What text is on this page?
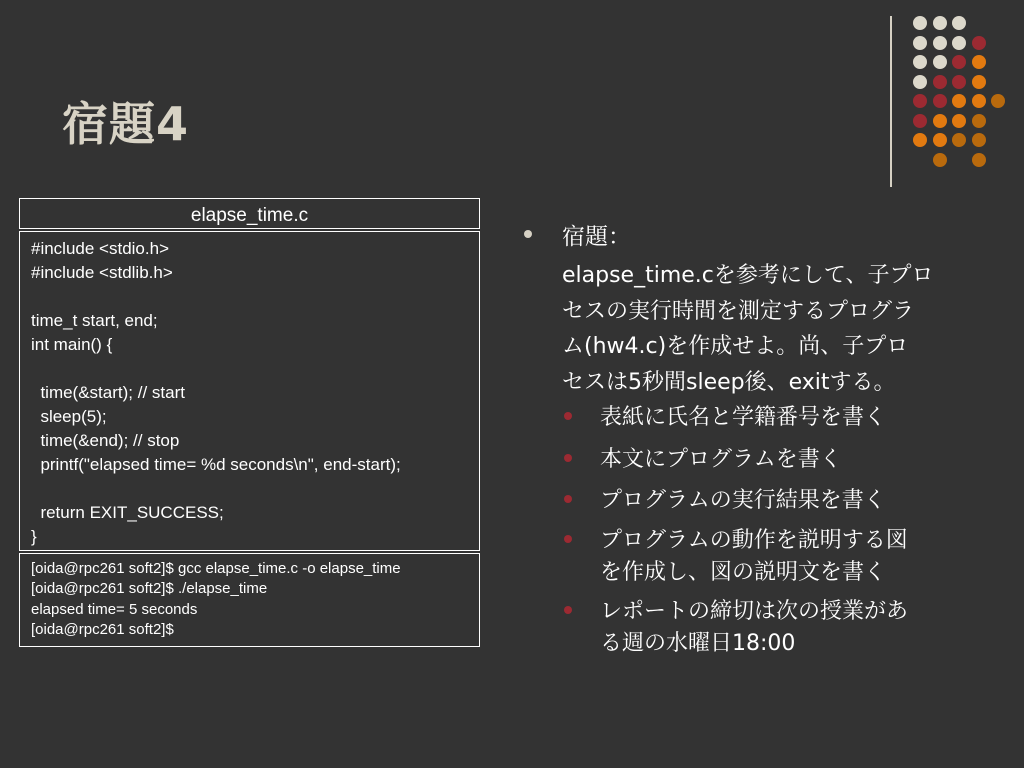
宿題4
elapse_time.c
#include <stdio.h>
#include <stdlib.h>
time_t start, end;
int main() {
time(&start); // start
sleep(5);
time(&end); // stop
printf("elapsed time= %d seconds\n", end-start);
return EXIT_SUCCESS;
}
[oida@rpc261 soft2]$ gcc elapse_time.c -o elapse_time
[oida@rpc261 soft2]$ ./elapse_time
elapsed time= 5 seconds
[oida@rpc261 soft2]$
宿題：
elapse_time.cを参考にして、子プロ
セスの実行時間を測定するプログラ
ム(hw4.c)を作成せよ。尚、子プロ
セスは5秒間sleep後、exitする。
表紙に氏名と学籍番号を書く
本文にプログラムを書く
プログラムの実行結果を書く
プログラムの動作を説明する図
を作成し、図の説明文を書く
レポートの締切は次の授業があ
る週の水曜日18:00
